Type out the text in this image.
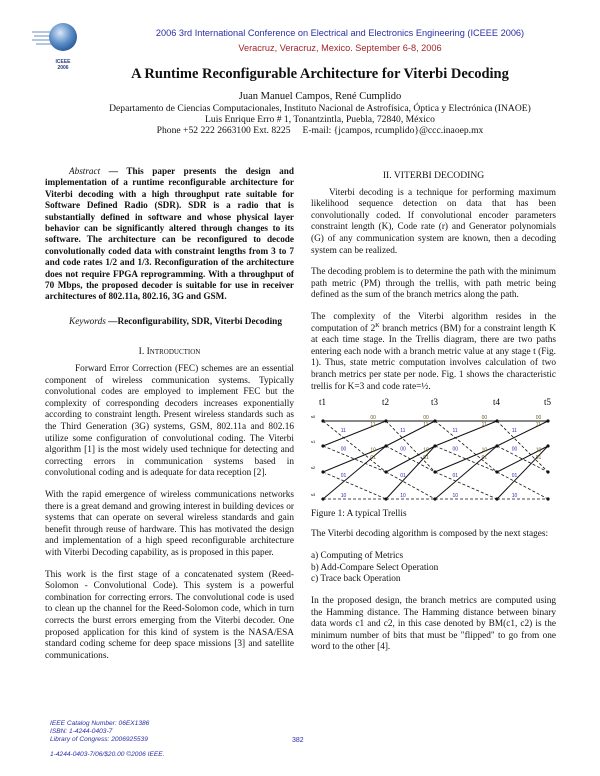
ICEEE
2006
2006 3rd International Conference on Electrical and Electronics Engineering (ICEEE 2006)
Veracruz, Veracruz, Mexico. September 6-8, 2006
A Runtime Reconfigurable Architecture for Viterbi Decoding
Juan Manuel Campos, René Cumplido
Departamento de Ciencias Computacionales, Instituto Nacional de Astrofísica, Óptica y Electrónica (INAOE)
Luis Enrique Erro # 1, Tonantzintla, Puebla, 72840, México
Phone +52 222 2663100 Ext. 8225     E-mail: {jcampos, rcumplido}@ccc.inaoep.mx
Abstract — This paper presents the design and implementation of a runtime reconfigurable architecture for Viterbi decoding with a high throughput rate suitable for Software Defined Radio (SDR). SDR is a radio that is substantially defined in software and whose physical layer behavior can be significantly altered through changes to its software. The architecture can be reconfigured to decode convolutionally coded data with constraint lengths from 3 to 7 and code rates 1/2 and 1/3. Reconfiguration of the architecture does not require FPGA reprogramming. With a throughput of 70 Mbps, the proposed decoder is suitable for use in receiver architectures of 802.11a, 802.16, 3G and GSM.
Keywords —Reconfigurability, SDR, Viterbi Decoding
I. Introduction
Forward Error Correction (FEC) schemes are an essential component of wireless communication systems. Typically convolutional codes are employed to implement FEC but the complexity of corresponding decoders increases exponentially according to constraint length. Present wireless standards such as the Third Generation (3G) systems, GSM, 802.11a and 802.16 utilize some configuration of convolutional coding. The Viterbi algorithm [1] is the most widely used technique for detecting and correcting errors in communication systems based in convolutional coding and is adequate for data reception [2].
With the rapid emergence of wireless communications networks there is a great demand and growing interest in building devices or systems that can operate on several wireless standards and gain benefit through reuse of hardware. This has motivated the design and implementation of a high speed reconfigurable architecture with Viterbi Decoding capability, as is proposed in this paper.
This work is the first stage of a concatenated system (Reed-Solomon - Convolutional Code). This system is a powerful combination for correcting errors. The convolutional code is used to clean up the channel for the Reed-Solomon code, which in turn corrects the burst errors emerging from the Viterbi decoder. One proposed application for this kind of system is the NASA/ESA standard coding scheme for deep space missions [3] and satellite communications.
IEEE Catalog Number: 06EX1386
ISBN: 1-4244-0403-7
Library of Congress: 2006925539
1-4244-0403-7/06/$20.00 ©2006 IEEE.
382
II. VITERBI DECODING
Viterbi decoding is a technique for performing maximum likelihood sequence detection on data that has been convolutionally coded. If convolutional encoder parameters constraint length (K), Code rate (r) and Generator polynomials (G) of any communication system are known, then a decoding system can be realized.
The decoding problem is to determine the path with the minimum path metric (PM) through the trellis, with path metric being defined as the sum of the branch metrics along the path.
The complexity of the Viterbi algorithm resides in the computation of $2^K$ branch metrics (BM) for a constraint length K at each time stage. In the Trellis diagram, there are two paths entering each node with a branch metric value at any stage t (Fig. 1). Thus, state metric computation involves calculation of two branch metrics per state per node. Fig. 1 shows the characteristic trellis for K=3 and code rate=½.
t1	t2	t3	t4	t5
s0
s1
s2
s3
00
11
11
00	10
01
01
10
00
11
11
00	10
01
01
10
00
11
11
00	10
01
01
10
00
11
11
00	10
01
01
10
Figure 1: A typical Trellis
The Viterbi decoding algorithm is composed by the next stages:
a) Computing of Metrics
b) Add-Compare Select Operation
c) Trace back Operation
In the proposed design, the branch metrics are computed using the Hamming distance. The Hamming distance between binary data words c1 and c2, in this case denoted by BM(c1, c2) is the minimum number of bits that must be "flipped" to go from one word to the other [4].
